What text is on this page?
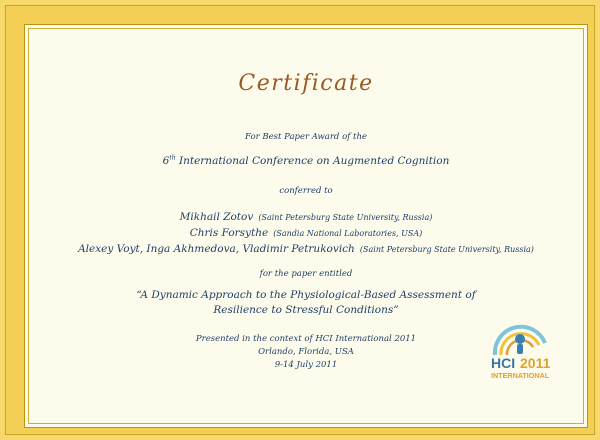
Certificate
For Best Paper Award of the
6th International Conference on Augmented Cognition
conferred to
Mikhail Zotov (Saint Petersburg State University, Russia)
Chris Forsythe (Sandia National Laboratories, USA)
Alexey Voyt, Inga Akhmedova, Vladimir Petrukovich (Saint Petersburg State University, Russia)
for the paper entitled
“A Dynamic Approach to the Physiological-Based Assessment of
Resilience to Stressful Conditions”
Presented in the context of HCI International 2011
Orlando, Florida, USA
9-14 July 2011	HCI 2011
INTERNATIONAL
